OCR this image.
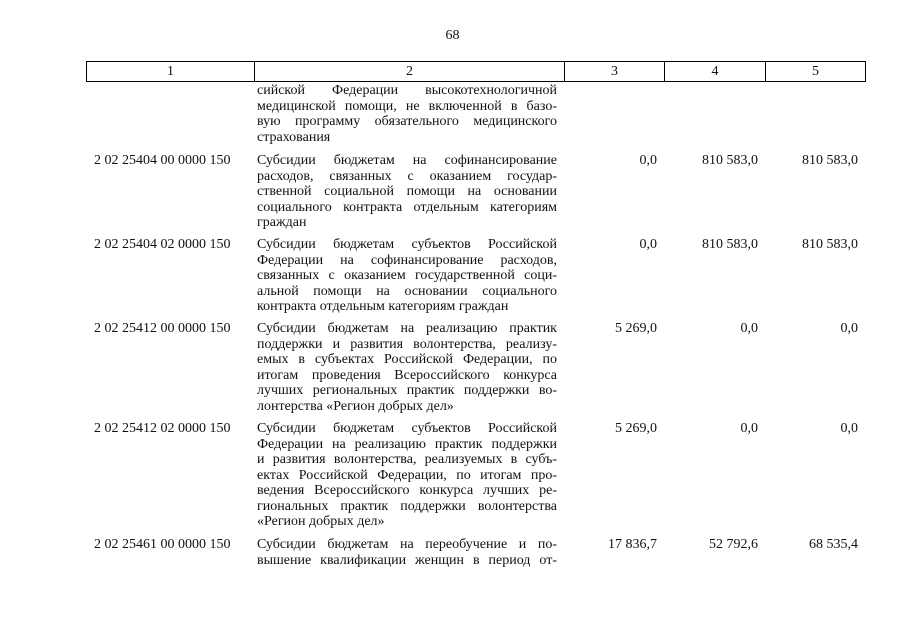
68
1	2	3	4	5
сийской Федерации высокотехнологичной
медицинской помощи, не включенной в базо-
вую программу обязательного медицинского
страхования
2 02 25404 00 0000 150	Субсидии бюджетам на софинансирование
расходов, связанных с оказанием государ-
ственной социальной помощи на основании
социального контракта отдельным категориям
граждан
0,0	810 583,0	810 583,0
2 02 25404 02 0000 150	Субсидии бюджетам субъектов Российской
Федерации на софинансирование расходов,
связанных с оказанием государственной соци-
альной помощи на основании социального
контракта отдельным категориям граждан
0,0	810 583,0	810 583,0
2 02 25412 00 0000 150	Субсидии бюджетам на реализацию практик
поддержки и развития волонтерства, реализу-
емых в субъектах Российской Федерации, по
итогам проведения Всероссийского конкурса
лучших региональных практик поддержки во-
лонтерства «Регион добрых дел»
5 269,0	0,0	0,0
2 02 25412 02 0000 150	Субсидии бюджетам субъектов Российской
Федерации на реализацию практик поддержки
и развития волонтерства, реализуемых в субъ-
ектах Российской Федерации, по итогам про-
ведения Всероссийского конкурса лучших ре-
гиональных практик поддержки волонтерства
«Регион добрых дел»
5 269,0	0,0	0,0
2 02 25461 00 0000 150	Субсидии бюджетам на переобучение и по-
вышение квалификации женщин в период от-
17 836,7	52 792,6	68 535,4
